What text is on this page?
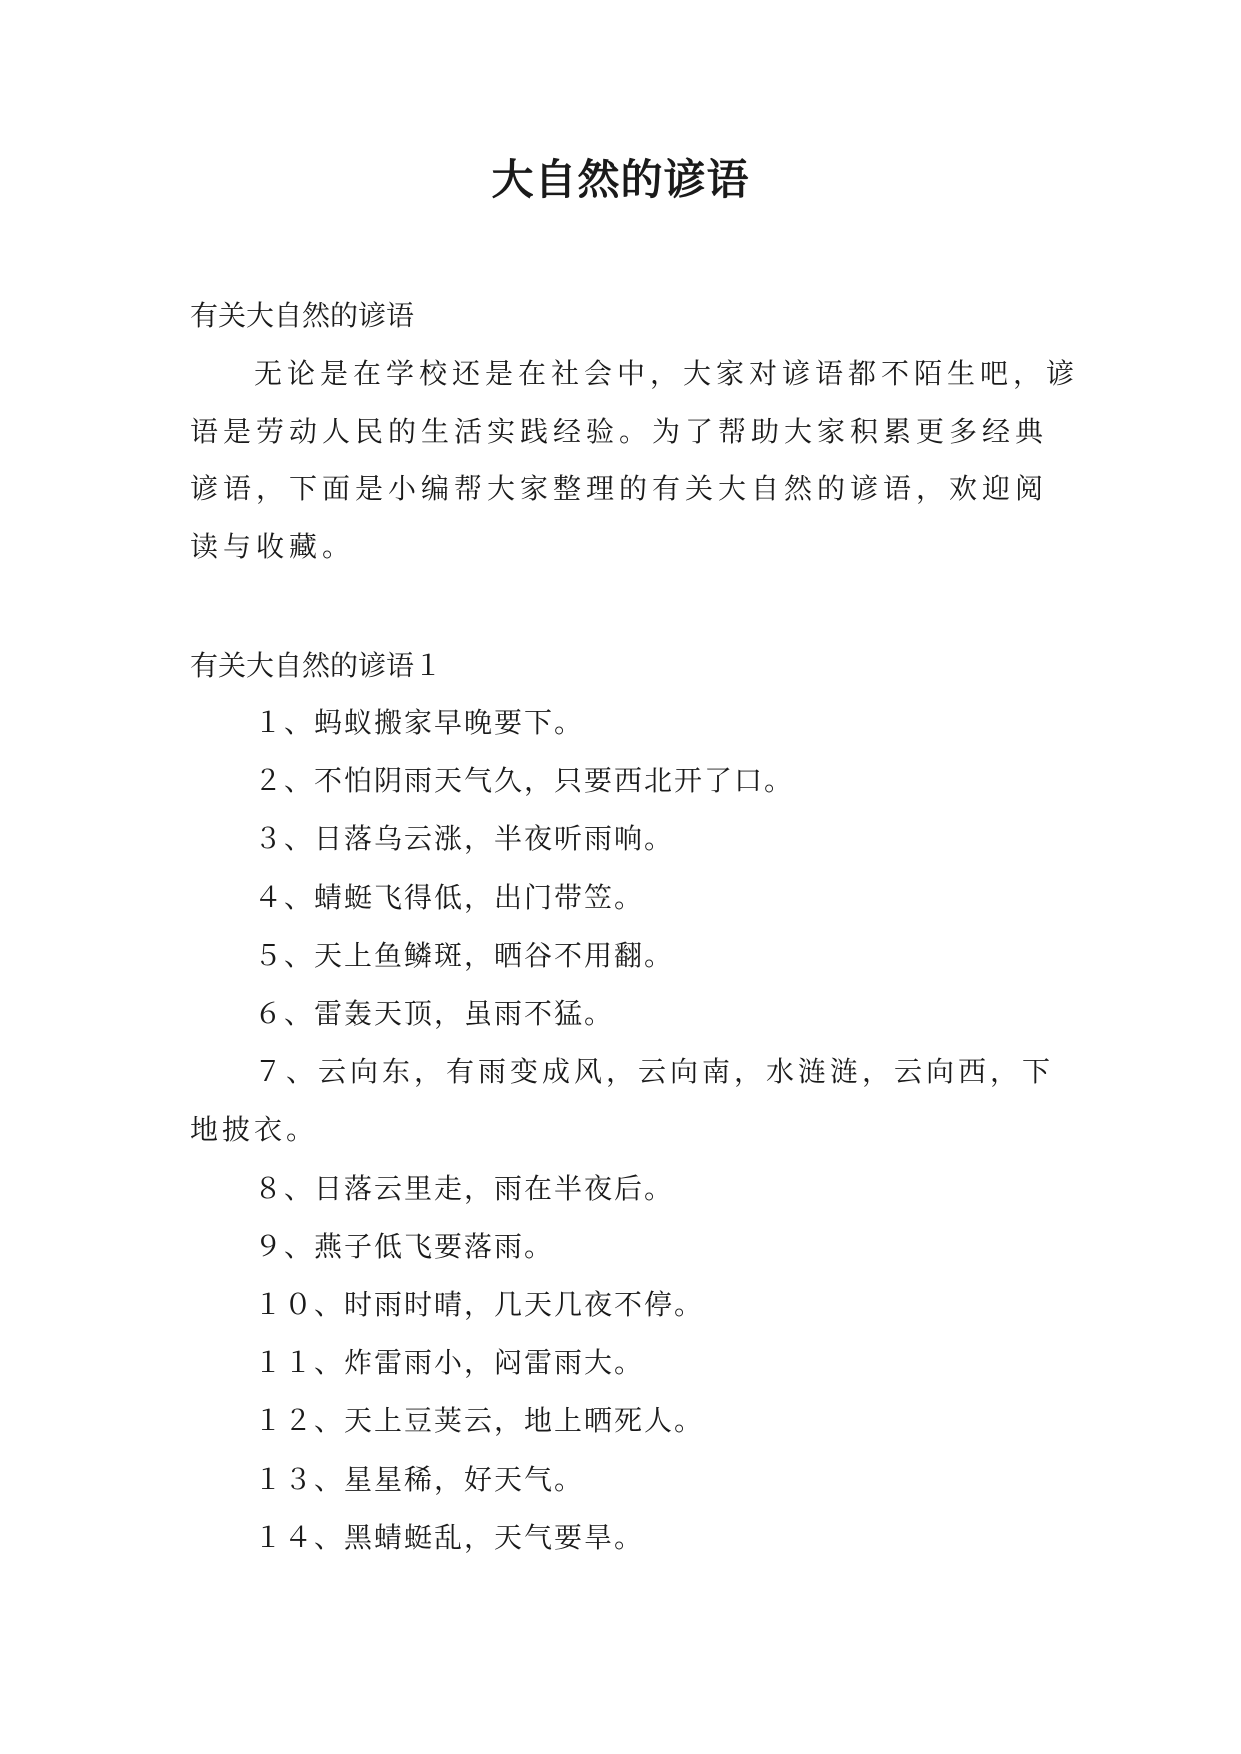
大自然的谚语
有关大自然的谚语
无论是在学校还是在社会中，大家对谚语都不陌生吧，谚语是劳动人民的生活实践经验。为了帮助大家积累更多经典谚语，下面是小编帮大家整理的有关大自然的谚语，欢迎阅读与收藏。
有关大自然的谚语１
１、蚂蚁搬家早晚要下。
２、不怕阴雨天气久，只要西北开了口。
３、日落乌云涨，半夜听雨响。
４、蜻蜓飞得低，出门带笠。
５、天上鱼鳞斑，晒谷不用翻。
６、雷轰天顶，虽雨不猛。
７、云向东，有雨变成风，云向南，水涟涟，云向西，下地披衣。
８、日落云里走，雨在半夜后。
９、燕子低飞要落雨。
１０、时雨时晴，几天几夜不停。
１１、炸雷雨小，闷雷雨大。
１２、天上豆荚云，地上晒死人。
１３、星星稀，好天气。
１４、黑蜻蜓乱，天气要旱。
